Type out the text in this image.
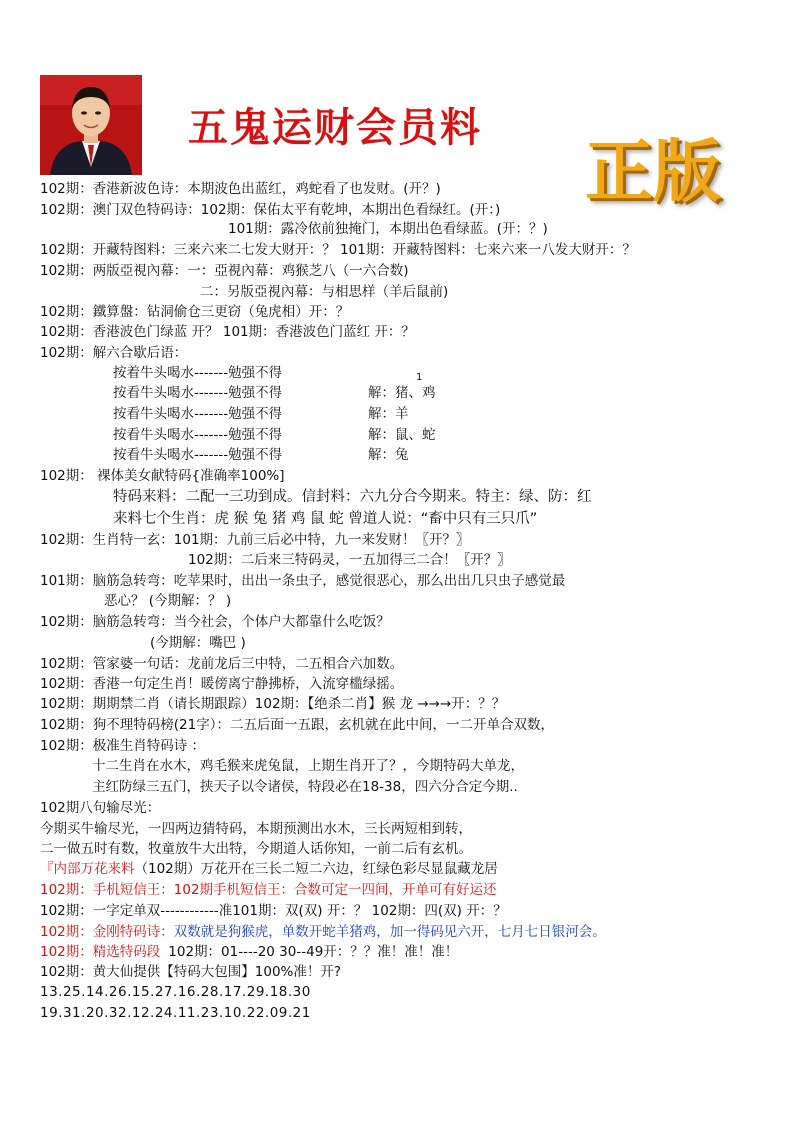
五鬼运财会员料
正版
102期：香港新波色诗：本期波色出蓝红，鸡蛇看了也发财。(开？)
102期：澳门双色特码诗：102期：保佑太平有乾坤，本期出色看绿红。(开：)
101期：露冷依前独掩门，本期出色看绿蓝。(开：？)
102期：开藏特图料：三来六来二七发大财开：？ 101期：开藏特图料：七来六来一八发大财开：？
102期：两版亞視內幕：一：亞視內幕：鸡猴芝八（一六合数)
二：另版亞視內幕：与相思样（羊后鼠前)
102期：鐵算盤：钻洞偷仓三更窃（兔虎相）开：？
102期：香港波色门绿蓝 开？ 101期：香港波色门蓝红 开：？
102期：解六合歇后语：
按着牛头喝水-------勉强不得
按看牛头喝水-------勉强不得	解：猪、鸡
按看牛头喝水-------勉强不得	解：羊
按看牛头喝水-------勉强不得	解：鼠、蛇
按看牛头喝水-------勉强不得	解：兔
1
102期： 裸体美女献特码{准确率100%]
特码来料：二配一三功到成。信封料：六九分合今期来。特主：绿、防：红
来料七个生肖：虎 猴 兔 猪 鸡 鼠 蛇 曾道人说：“畜中只有三只爪”
102期：生肖特一玄：101期：九前三后必中特，九一来发财！〖开？〗
102期：二后来三特码灵，一五加得三二合！〖开？〗
101期：脑筋急转弯：吃苹果时，出出一条虫子，感觉很恶心，那么出出几只虫子感觉最
恶心？ (今期解：？ )
102期：脑筋急转弯：当今社会，个体户大都靠什么吃饭？
(今期解：嘴巴 )
102期：管家婆一句话：龙前龙后三中特，二五相合六加数。
102期：香港一句定生肖！暖傍离宁静拂桥，入流穿槛绿摇。
102期：期期禁二肖（请长期跟踪）102期：【绝杀二肖】猴 龙 →→→开：？？
102期：狗不理特码榜(21字）：二五后面一五跟，玄机就在此中间，一二开单合双数，
102期：极准生肖特码诗 ：
十二生肖在水木，鸡毛猴来虎兔鼠，上期生肖开了？，今期特码大单龙，
主红防绿三五门，挟天子以令诸侯，特段必在18-38，四六分合定今期..
102期八句输尽光：
今期买牛输尽光，一四两边猜特码，本期预测出水木，三长两短相到转，
二一做五时有数，牧童放牛大出特，今期道人话你知，一前二后有玄机。
『内部万花来料（102期）万花开在三长二短二六边，红绿色彩尽显鼠藏龙居
102期：手机短信王：102期手机短信王：合数可定一四间，开单可有好运还
102期：一字定单双------------准101期：双(双) 开：？ 102期：四(双) 开：？
102期：金刚特码诗：双数就是狗猴虎，单数开蛇羊猪鸡，加一得码见六开，七月七日银河会。
102期：精选特码段 102期：01----20 30--49开：？？准！准！准！
102期：黄大仙提供【特码大包围】100%准！开?
13.25.14.26.15.27.16.28.17.29.18.30
19.31.20.32.12.24.11.23.10.22.09.21
